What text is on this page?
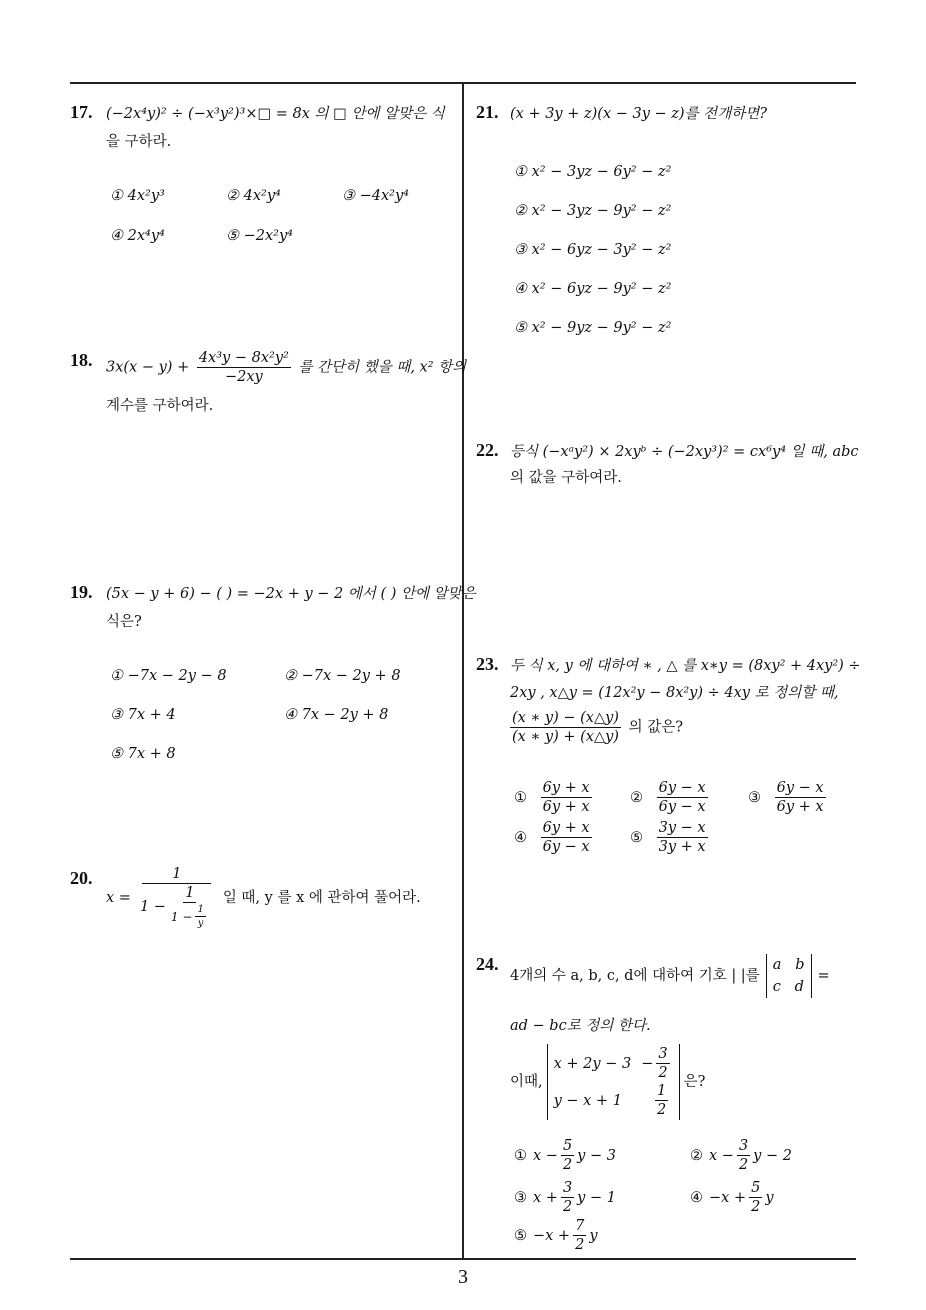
17. (−2x⁴y)² ÷ (−x³y²)³×□ = 8x 의 □ 안에 알맞은 식
을 구하라.
① 4x²y³	② 4x²y⁴	③ −4x²y⁴
④ 2x⁴y⁴	⑤ −2x²y⁴
18. $3x(x - y) + \frac{\text{4x³y − 8x²y²}}{-2xy}$ 를 간단히 했을 때, x² 항의
계수를 구하여라.
19. (5x − y + 6) − ( ) = −2x + y − 2 에서 ( ) 안에 알맞은
식은?
① −7x − 2y − 8	② −7x − 2y + 8
③ 7x + 4	④ 7x − 2y + 8
⑤ 7x + 8
20.
x =
1
$1 - \frac{1}{1 - \frac{1}{y}}$ 일 때, y 를 x 에 관하여 풀어라.
21. (x + 3y + z)(x − 3y − z)를 전개하면?
① x² − 3yz − 6y² − z²
② x² − 3yz − 9y² − z²
③ x² − 6yz − 3y² − z²
④ x² − 6yz − 9y² − z²
⑤ x² − 9yz − 9y² − z²
22. 등식 (−xᵃy²) × 2xyᵇ ÷ (−2xy³)² = cx⁶y⁴ 일 때, abc
의 값을 구하여라.
23. 두 식 x, y 에 대하여 ∗ , △ 를 x∗y = (8xy² + 4xy²) ÷
2xy , x△y = (12x²y − 8x²y) ÷ 4xy 로 정의할 때,
$\frac{(x ∗ y) - (x\triangle y)}{(x ∗ y) + (x\triangle y)}$ 의 값은?
① $\frac{6y + x}{6y + x}$	② $\frac{6y - x}{6y - x}$	③ $\frac{6y - x}{6y + x}$
④ $\frac{6y + x}{6y - x}$	⑤ $\frac{3y - x}{3y + x}$
24.
4개의 수 a, b, c, d에 대하여 기호 | |를
a b
c d
=
ad − bc로 정의 한다.
이때,
$x + 2y - 3 - \frac{3}{2}$
$y - x + 1 \frac{1}{2}$
은?
① $x - \frac{5}{2}$ y − 3	② $x - \frac{3}{2}$ y − 2
③ $x + \frac{3}{2}$ y − 1	④ $-x + \frac{5}{2}$ y
⑤ $-x + \frac{7}{2}$ y
3
